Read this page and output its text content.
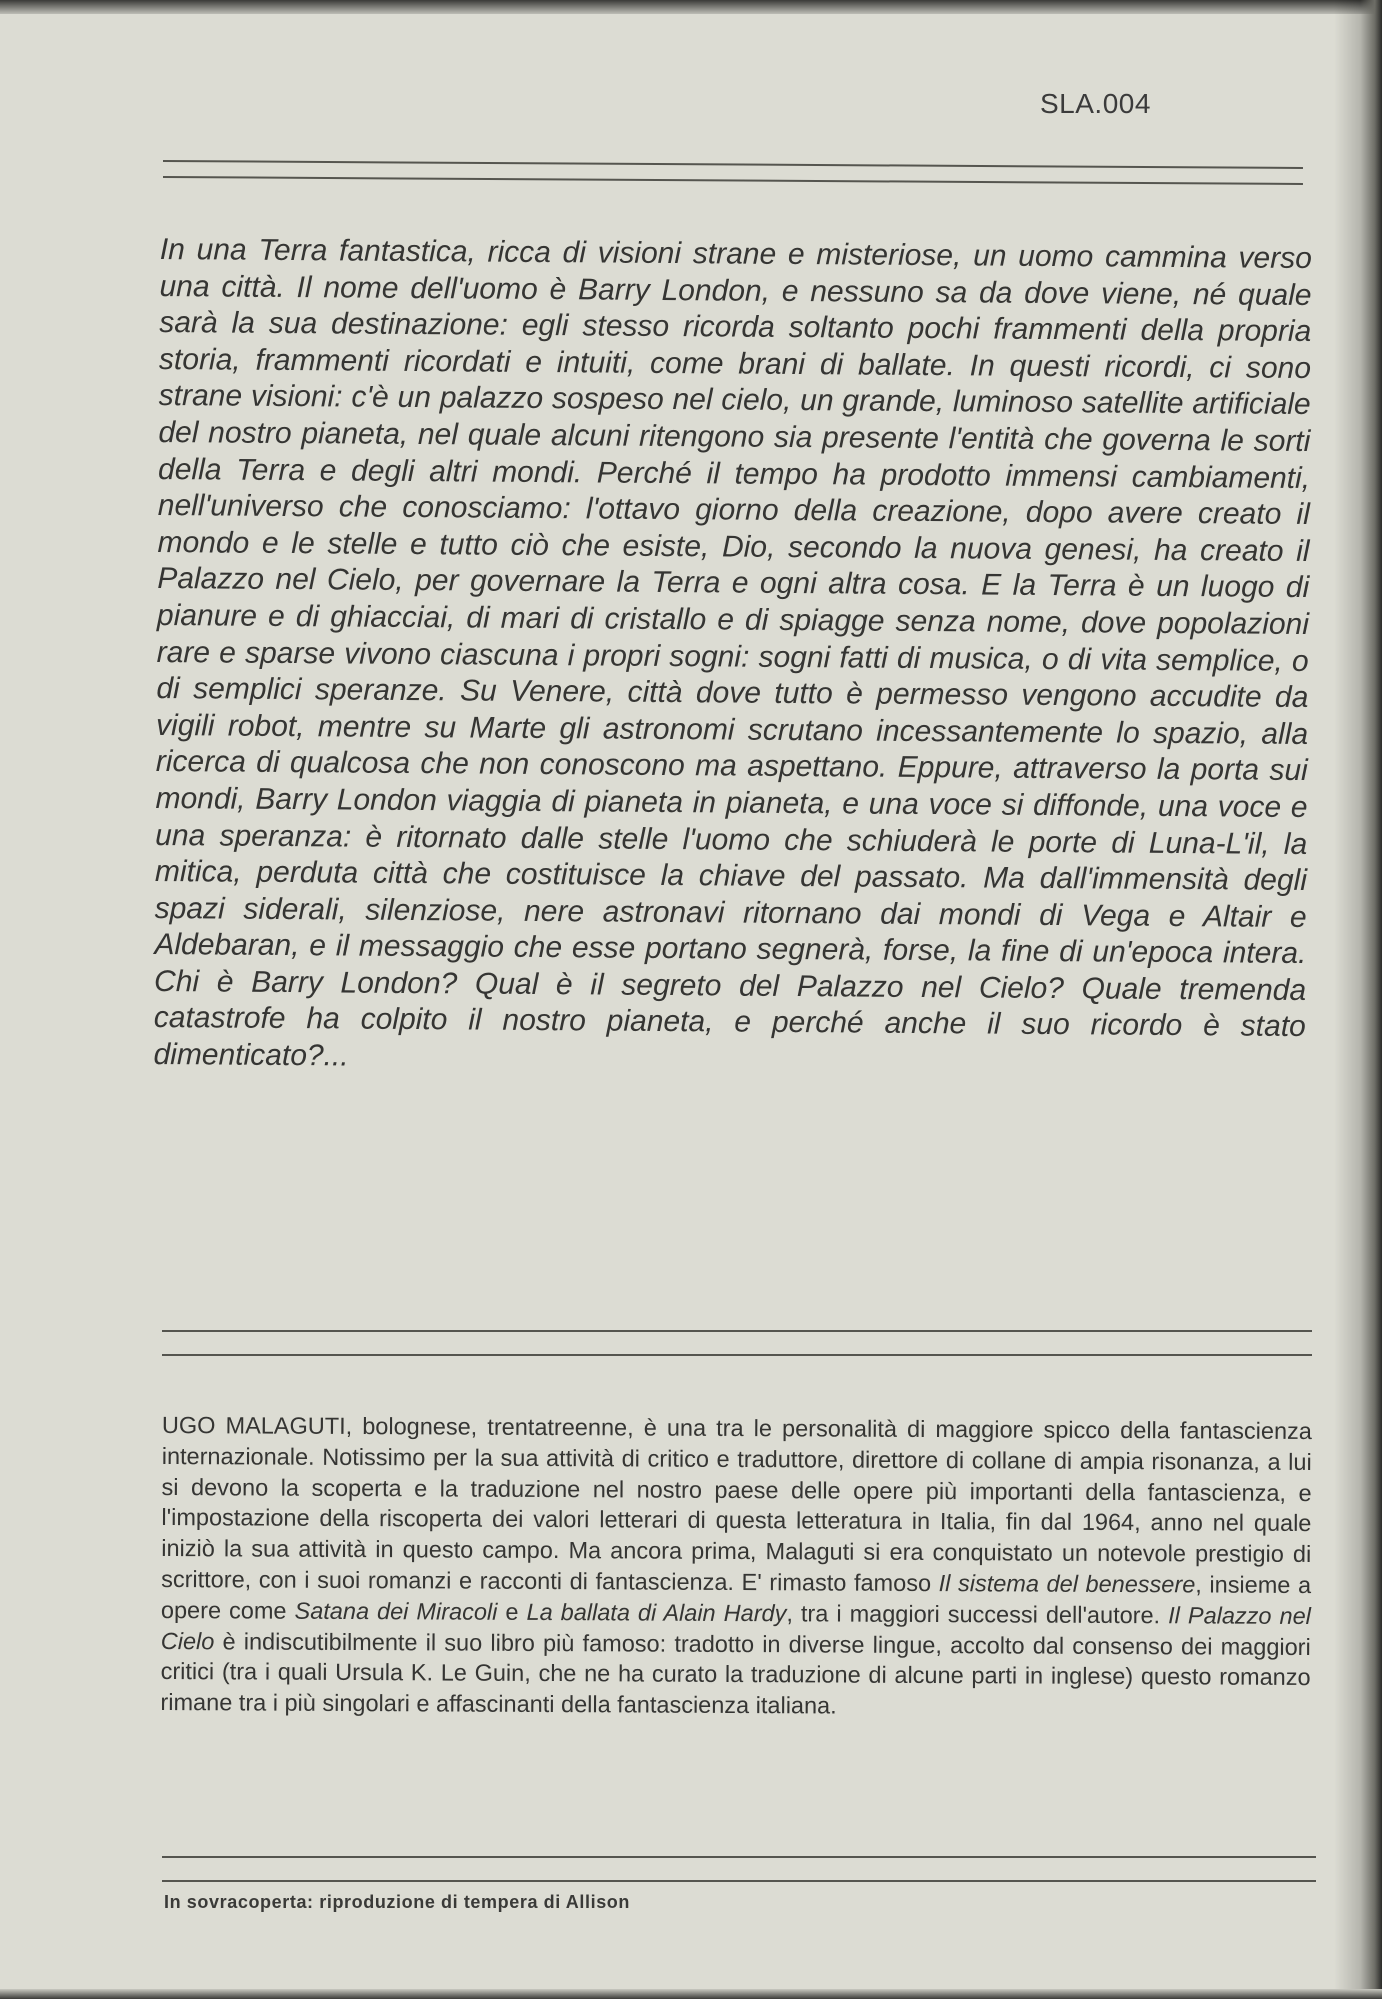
SLA.004

In una Terra fantastica, ricca di visioni strane e misteriose, un uomo cammina verso una città. Il nome dell'uomo è Barry London, e nessuno sa da dove viene, né quale sarà la sua destinazione: egli stesso ricorda soltanto pochi frammenti della propria storia, frammenti ricordati e intuiti, come brani di ballate. In questi ricordi, ci sono strane visioni: c'è un palazzo sospeso nel cielo, un grande, luminoso satellite artificiale del nostro pianeta, nel quale alcuni ritengono sia presente l'entità che governa le sorti della Terra e degli altri mondi. Perché il tempo ha prodotto immensi cambiamenti, nell'universo che conosciamo: l'ottavo giorno della creazione, dopo avere creato il mondo e le stelle e tutto ciò che esiste, Dio, secondo la nuova genesi, ha creato il Palazzo nel Cielo, per governare la Terra e ogni altra cosa. E la Terra è un luogo di pianure e di ghiacciai, di mari di cristallo e di spiagge senza nome, dove popolazioni rare e sparse vivono ciascuna i propri sogni: sogni fatti di musica, o di vita semplice, o di semplici speranze. Su Venere, città dove tutto è permesso vengono accudite da vigili robot, mentre su Marte gli astronomi scrutano incessantemente lo spazio, alla ricerca di qualcosa che non conoscono ma aspettano. Eppure, attraverso la porta sui mondi, Barry London viaggia di pianeta in pianeta, e una voce si diffonde, una voce e una speranza: è ritornato dalle stelle l'uomo che schiuderà le porte di Luna-L'il, la mitica, perduta città che costituisce la chiave del passato. Ma dall'immensità degli spazi siderali, silenziose, nere astronavi ritornano dai mondi di Vega e Altair e Aldebaran, e il messaggio che esse portano segnerà, forse, la fine di un'epoca intera. Chi è Barry London? Qual è il segreto del Palazzo nel Cielo? Quale tremenda catastrofe ha colpito il nostro pianeta, e perché anche il suo ricordo è stato dimenticato?...

UGO MALAGUTI, bolognese, trentatreenne, è una tra le personalità di maggiore spicco della fantascienza internazionale. Notissimo per la sua attività di critico e traduttore, direttore di collane di ampia risonanza, a lui si devono la scoperta e la traduzione nel nostro paese delle opere più importanti della fantascienza, e l'impostazione della riscoperta dei valori letterari di questa letteratura in Italia, fin dal 1964, anno nel quale iniziò la sua attività in questo campo. Ma ancora prima, Malaguti si era conquistato un notevole prestigio di scrittore, con i suoi romanzi e racconti di fantascienza. E' rimasto famoso Il sistema del benessere, insieme a opere come Satana dei Miracoli e La ballata di Alain Hardy, tra i maggiori successi dell'autore. Il Palazzo nel Cielo è indiscutibilmente il suo libro più famoso: tradotto in diverse lingue, accolto dal consenso dei maggiori critici (tra i quali Ursula K. Le Guin, che ne ha curato la traduzione di alcune parti in inglese) questo romanzo rimane tra i più singolari e affascinanti della fantascienza italiana.

In sovracoperta: riproduzione di tempera di Allison
